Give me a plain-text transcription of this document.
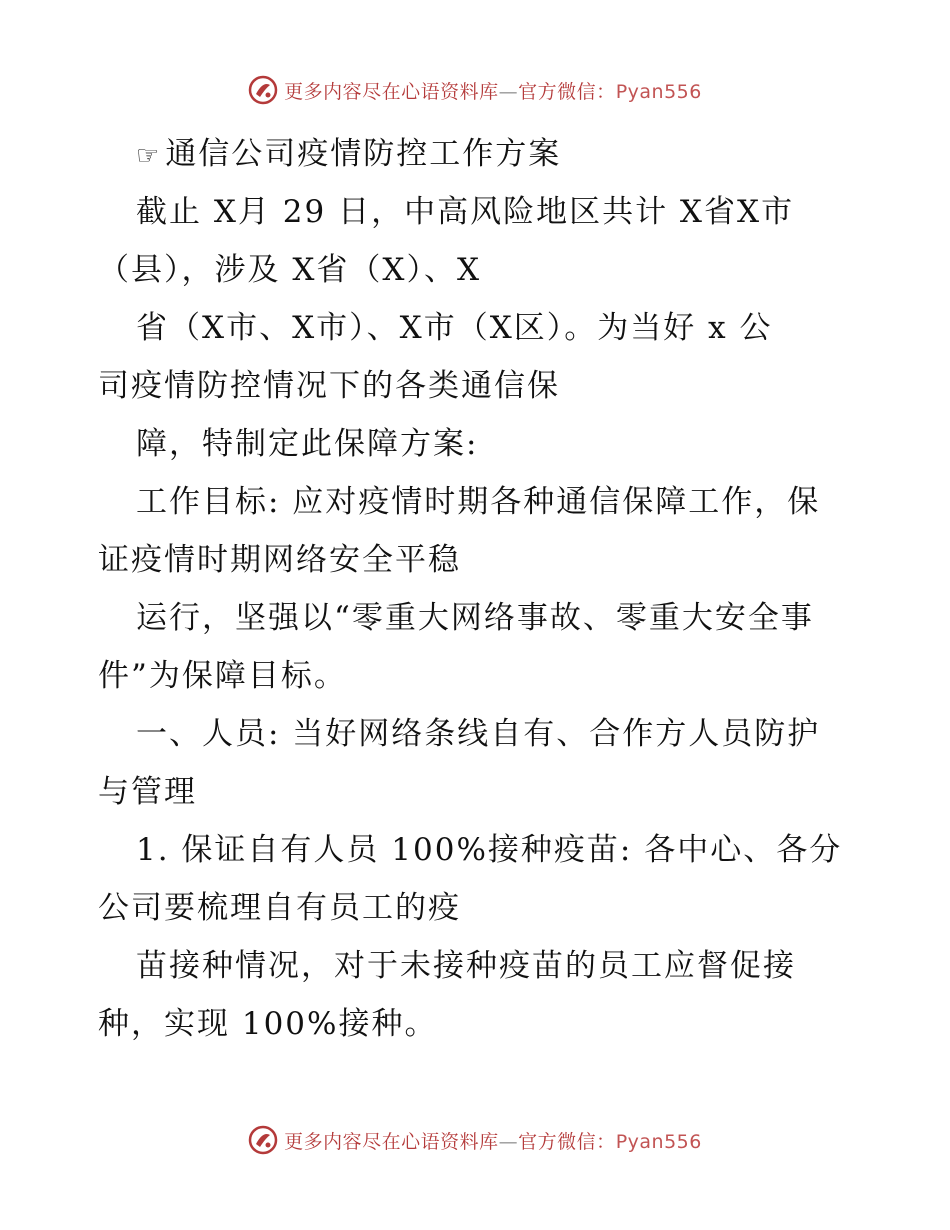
更多内容尽在心语资料库—官方微信：Pyan556
☞ 通信公司疫情防控工作方案
截止 X月 29 日，中高风险地区共计 X省X市
（县），涉及 X省（X）、X
省（X市、X市）、X市（X区）。为当好 x 公
司疫情防控情况下的各类通信保
障，特制定此保障方案:
工作目标: 应对疫情时期各种通信保障工作，保
证疫情时期网络安全平稳
运行，坚强以“零重大网络事故、零重大安全事
件”为保障目标。
一、人员: 当好网络条线自有、合作方人员防护
与管理
1. 保证自有人员 100%接种疫苗: 各中心、各分
公司要梳理自有员工的疫
苗接种情况，对于未接种疫苗的员工应督促接
种，实现 100%接种。
更多内容尽在心语资料库—官方微信：Pyan556
